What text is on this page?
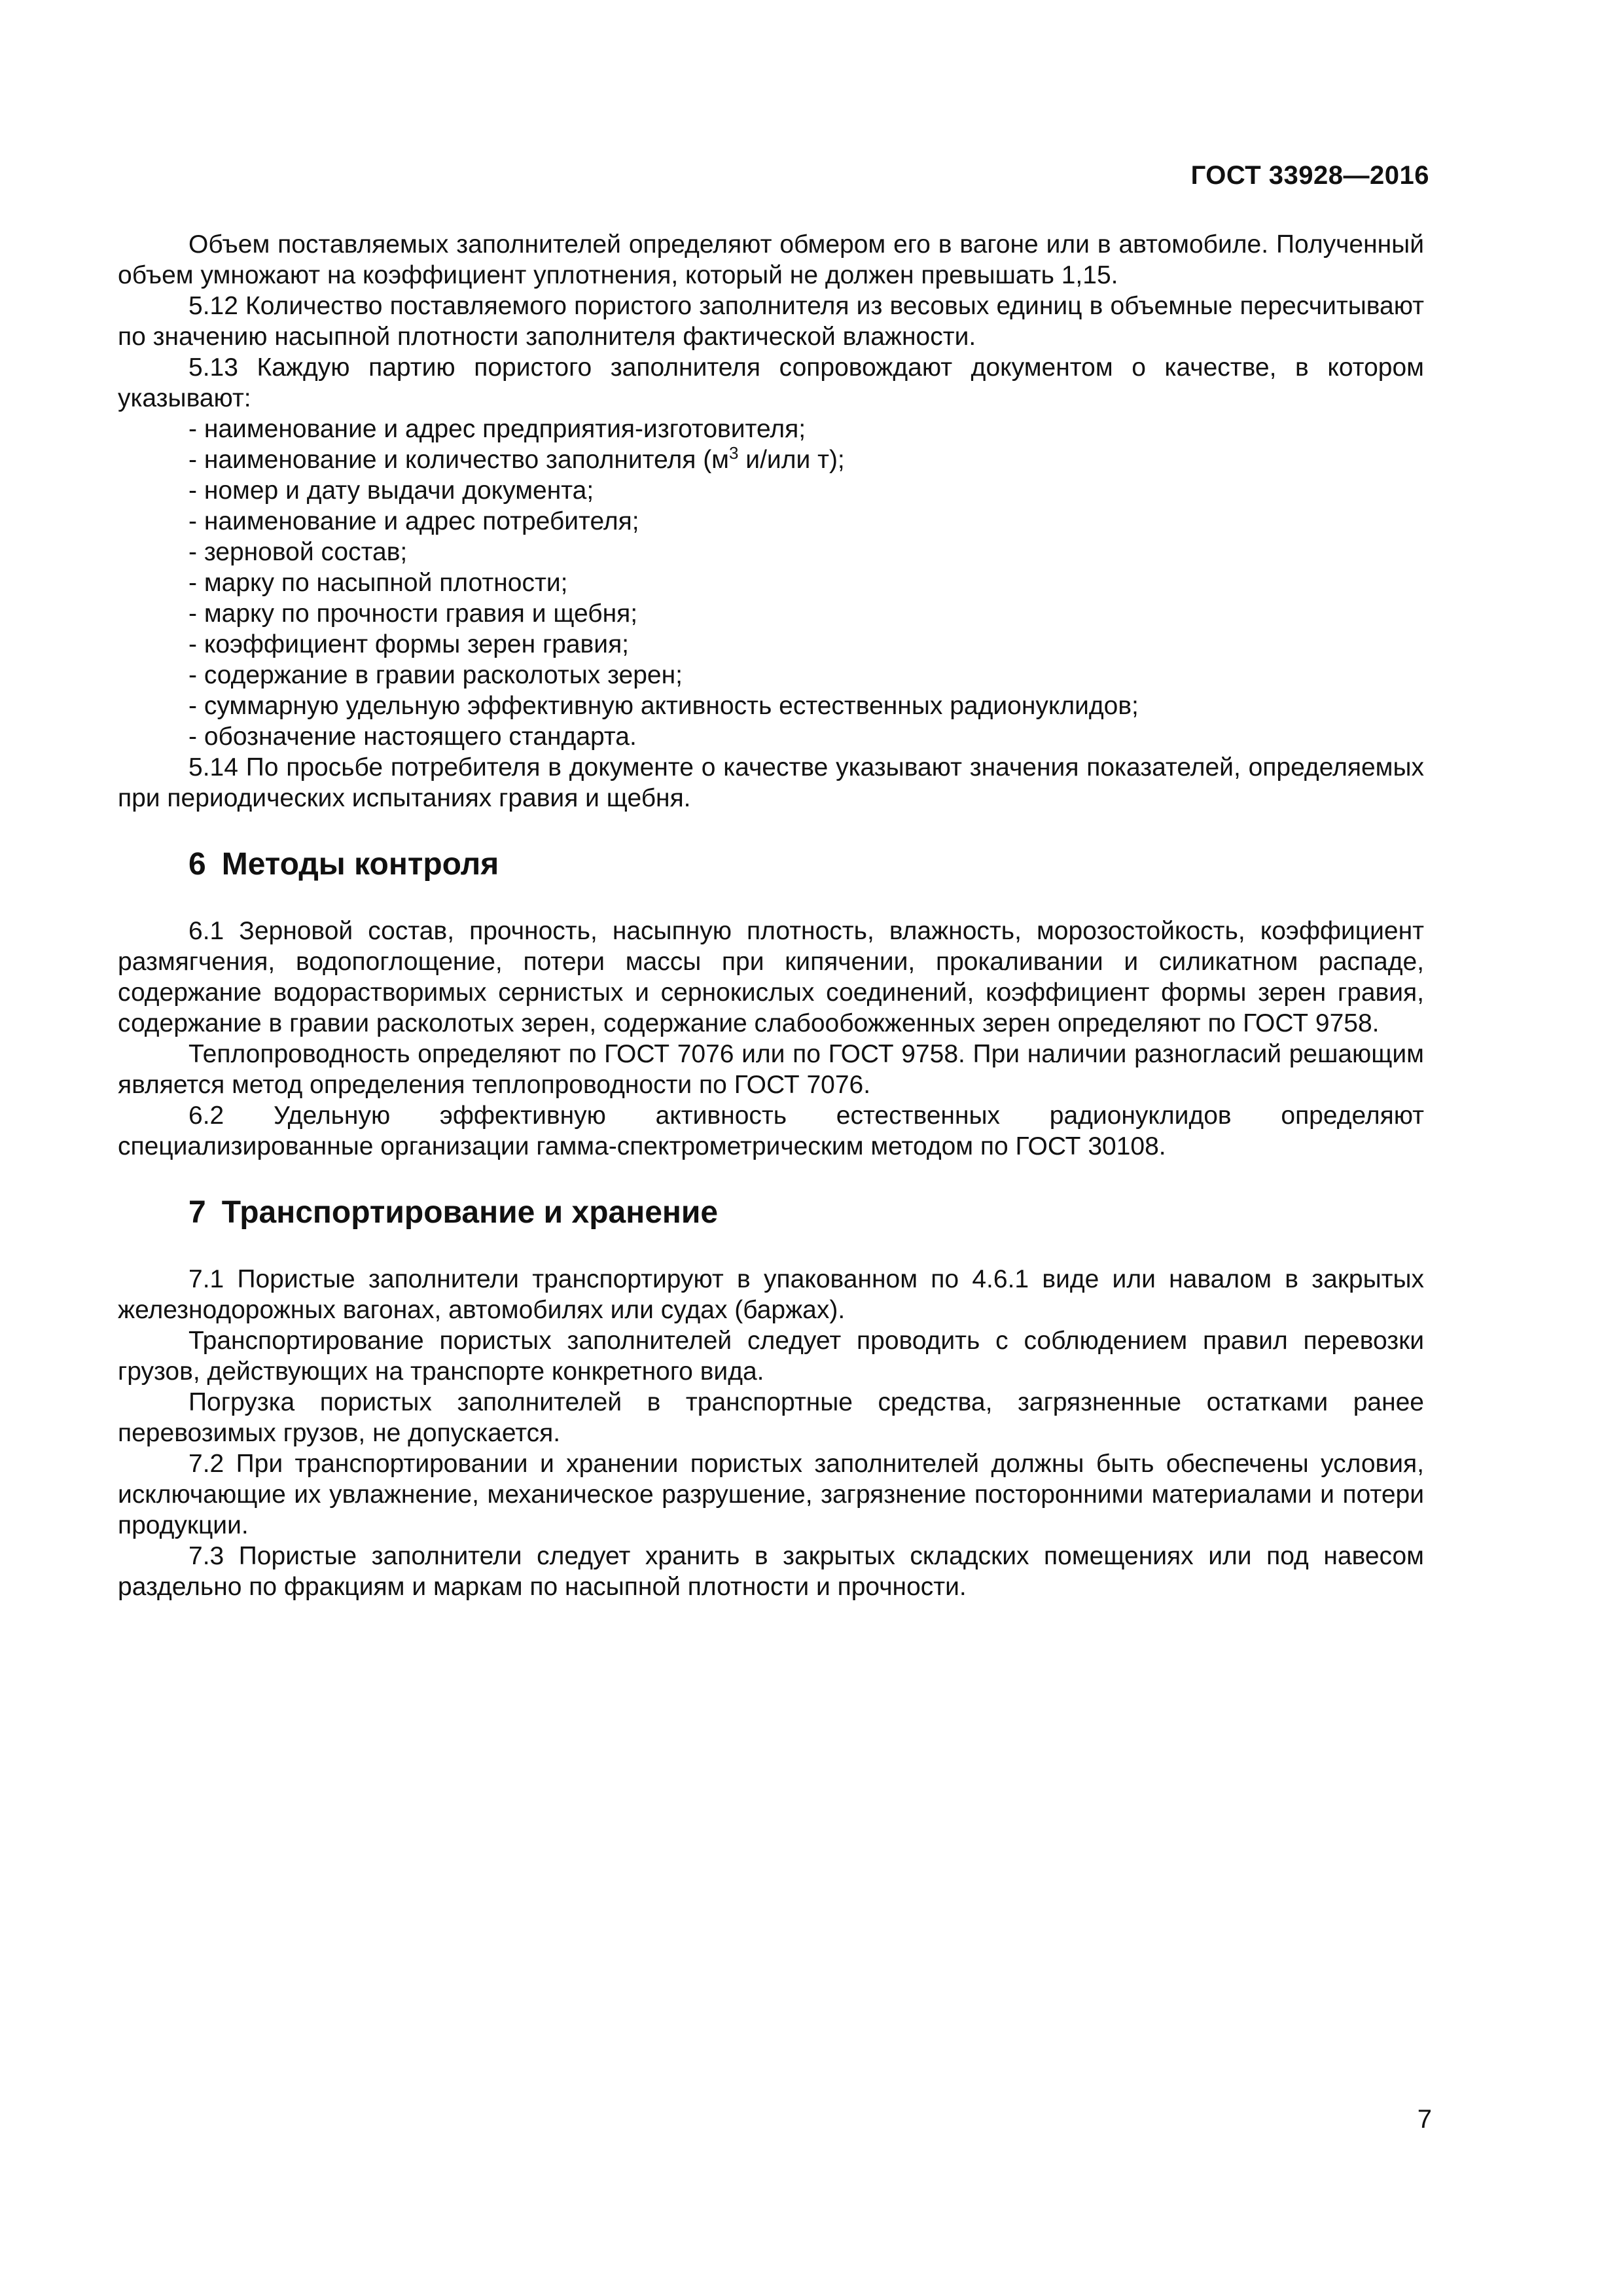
ГОСТ 33928—2016

Объем поставляемых заполнителей определяют обмером его в вагоне или в автомобиле. Полученный объем умножают на коэффициент уплотнения, который не должен превышать 1,15.

5.12 Количество поставляемого пористого заполнителя из весовых единиц в объемные пересчитывают по значению насыпной плотности заполнителя фактической влажности.

5.13 Каждую партию пористого заполнителя сопровождают документом о качестве, в котором указывают:

- наименование и адрес предприятия-изготовителя;
- наименование и количество заполнителя ($м^3$ и/или т);
- номер и дату выдачи документа;
- наименование и адрес потребителя;
- зерновой состав;
- марку по насыпной плотности;
- марку по прочности гравия и щебня;
- коэффициент формы зерен гравия;
- содержание в гравии расколотых зерен;
- суммарную удельную эффективную активность естественных радионуклидов;
- обозначение настоящего стандарта.

5.14 По просьбе потребителя в документе о качестве указывают значения показателей, определяемых при периодических испытаниях гравия и щебня.

6 Методы контроля

6.1 Зерновой состав, прочность, насыпную плотность, влажность, морозостойкость, коэффициент размягчения, водопоглощение, потери массы при кипячении, прокаливании и силикатном распаде, содержание водорастворимых сернистых и сернокислых соединений, коэффициент формы зерен гравия, содержание в гравии расколотых зерен, содержание слабообожженных зерен определяют по ГОСТ 9758.

Теплопроводность определяют по ГОСТ 7076 или по ГОСТ 9758. При наличии разногласий решающим является метод определения теплопроводности по ГОСТ 7076.

6.2 Удельную эффективную активность естественных радионуклидов определяют специализированные организации гамма-спектрометрическим методом по ГОСТ 30108.

7 Транспортирование и хранение

7.1 Пористые заполнители транспортируют в упакованном по 4.6.1 виде или навалом в закрытых железнодорожных вагонах, автомобилях или судах (баржах).

Транспортирование пористых заполнителей следует проводить с соблюдением правил перевозки грузов, действующих на транспорте конкретного вида.

Погрузка пористых заполнителей в транспортные средства, загрязненные остатками ранее перевозимых грузов, не допускается.

7.2 При транспортировании и хранении пористых заполнителей должны быть обеспечены условия, исключающие их увлажнение, механическое разрушение, загрязнение посторонними материалами и потери продукции.

7.3 Пористые заполнители следует хранить в закрытых складских помещениях или под навесом раздельно по фракциям и маркам по насыпной плотности и прочности.

7
